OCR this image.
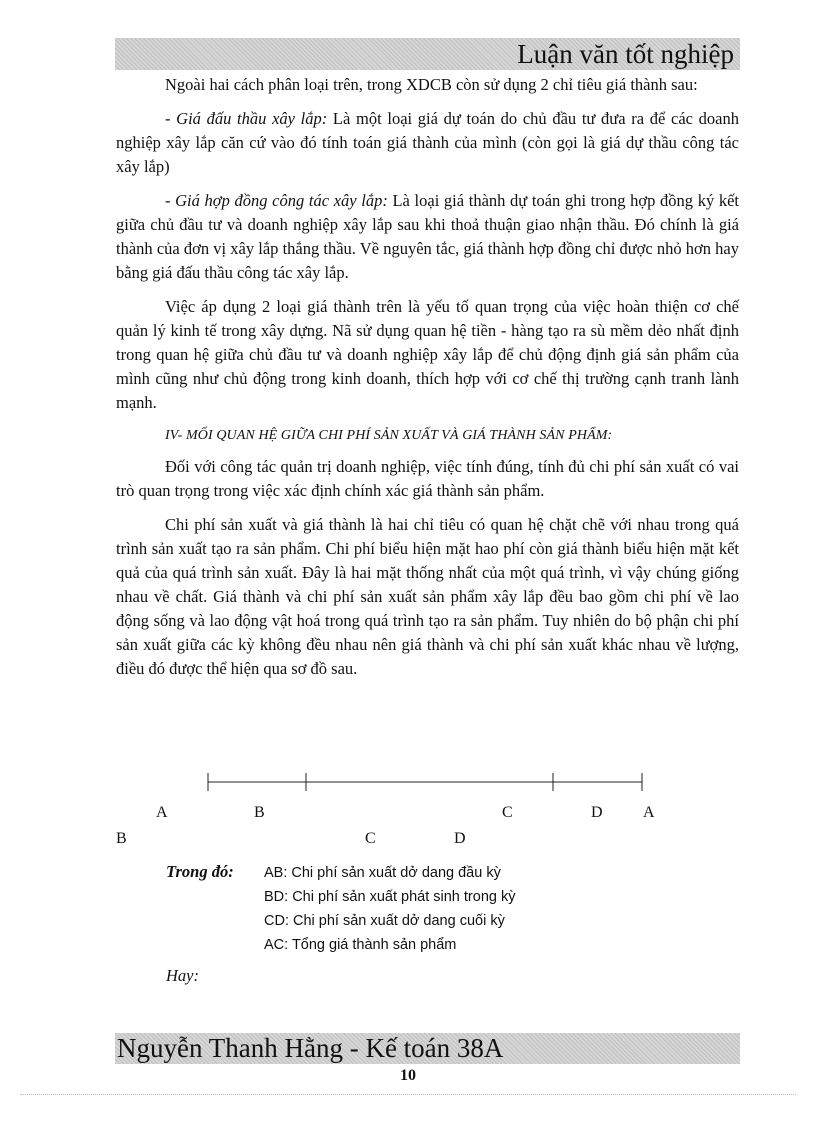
Luận văn tốt nghiệp

Ngoài hai cách phân loại trên, trong XDCB còn sử dụng 2 chỉ tiêu giá thành sau:

- Giá đấu thầu xây lắp: Là một loại giá dự toán do chủ đầu tư đưa ra để các doanh nghiệp xây lắp căn cứ vào đó tính toán giá thành của mình (còn gọi là giá dự thầu công tác xây lắp)

- Giá hợp đồng công tác xây lắp: Là loại giá thành dự toán ghi trong hợp đồng ký kết giữa chủ đầu tư và doanh nghiệp xây lắp sau khi thoả thuận giao nhận thầu. Đó chính là giá thành của đơn vị xây lắp thắng thầu. Về nguyên tắc, giá thành hợp đồng chỉ được nhỏ hơn hay bằng giá đấu thầu công tác xây lắp.

Việc áp dụng 2 loại giá thành trên là yếu tố quan trọng của việc hoàn thiện cơ chế quản lý kinh tế trong xây dựng. Nã sử dụng quan hệ tiền - hàng tạo ra sù mềm dẻo nhất định trong quan hệ giữa chủ đầu tư và doanh nghiệp xây lắp để chủ động định giá sản phẩm của mình cũng như chủ động trong kinh doanh, thích hợp với cơ chế thị trường cạnh tranh lành mạnh.

IV- MỐI QUAN HỆ GIỮA CHI PHÍ SẢN XUẤT VÀ GIÁ THÀNH SẢN PHẨM:

Đối với công tác quản trị doanh nghiệp, việc tính đúng, tính đủ chi phí sản xuất có vai trò quan trọng trong việc xác định chính xác giá thành sản phẩm.

Chi phí sản xuất và giá thành là hai chỉ tiêu có quan hệ chặt chẽ với nhau trong quá trình sản xuất tạo ra sản phẩm. Chi phí biểu hiện mặt hao phí còn giá thành biểu hiện mặt kết quả của quá trình sản xuất. Đây là hai mặt thống nhất của một quá trình, vì vậy chúng giống nhau về chất. Giá thành và chi phí sản xuất sản phẩm xây lắp đều bao gồm chi phí về lao động sống và lao động vật hoá trong quá trình tạo ra sản phẩm. Tuy nhiên do bộ phận chi phí sản xuất giữa các kỳ không đều nhau nên giá thành và chi phí sản xuất khác nhau về lượng, điều đó được thể hiện qua sơ đồ sau.

A	B	C	D	A
B	C	D
Trong đó: AB: Chi phí sản xuất dở dang đầu kỳ
BD: Chi phí sản xuất phát sinh trong kỳ
CD: Chi phí sản xuất dở dang cuối kỳ
AC: Tổng giá thành sản phẩm
Hay:
Nguyễn Thanh Hằng - Kế toán 38A
10
